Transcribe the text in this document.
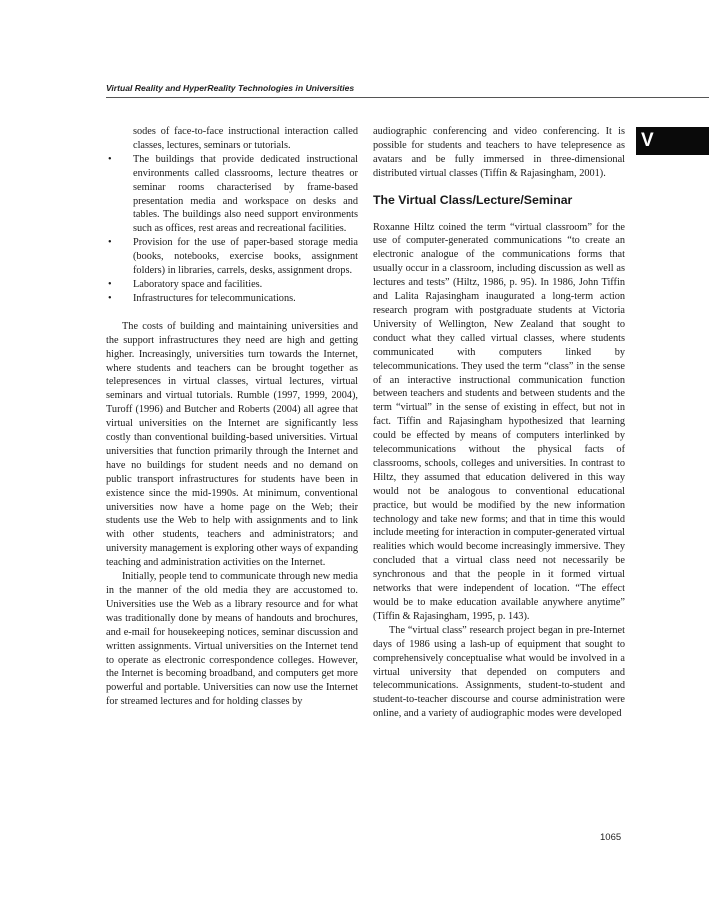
Virtual Reality and HyperReality Technologies in Universities
V

sodes of face-to-face instructional interaction called classes, lectures, seminars or tutorials.

• The buildings that provide dedicated instructional environments called classrooms, lecture theatres or seminar rooms characterised by frame-based presentation media and workspace on desks and tables. The buildings also need support environments such as offices, rest areas and recreational facilities.
• Provision for the use of paper-based storage media (books, notebooks, exercise books, assignment folders) in libraries, carrels, desks, assignment drops.
• Laboratory space and facilities.
• Infrastructures for telecommunications.

The costs of building and maintaining universities and the support infrastructures they need are high and getting higher. Increasingly, universities turn towards the Internet, where students and teachers can be brought together as telepresences in virtual classes, virtual lectures, virtual seminars and virtual tutorials. Rumble (1997, 1999, 2004), Turoff (1996) and Butcher and Roberts (2004) all agree that virtual universities on the Internet are significantly less costly than conventional building-based universities. Virtual universities that function primarily through the Internet and have no buildings for student needs and no demand on public transport infrastructures for students have been in existence since the mid-1990s. At minimum, conventional universities now have a home page on the Web; their students use the Web to help with assignments and to link with other students, teachers and administrators; and university management is exploring other ways of expanding teaching and administration activities on the Internet.

Initially, people tend to communicate through new media in the manner of the old media they are accustomed to. Universities use the Web as a library resource and for what was traditionally done by means of handouts and brochures, and e-mail for housekeeping notices, seminar discussion and written assignments. Virtual universities on the Internet tend to operate as electronic correspondence colleges. However, the Internet is becoming broadband, and computers get more powerful and portable. Universities can now use the Internet for streamed lectures and for holding classes by

audiographic conferencing and video conferencing. It is possible for students and teachers to have telepresence as avatars and be fully immersed in three-dimensional distributed virtual classes (Tiffin & Rajasingham, 2001).

The Virtual Class/Lecture/Seminar

Roxanne Hiltz coined the term “virtual classroom” for the use of computer-generated communications “to create an electronic analogue of the communications forms that usually occur in a classroom, including discussion as well as lectures and tests” (Hiltz, 1986, p. 95). In 1986, John Tiffin and Lalita Rajasingham inaugurated a long-term action research program with postgraduate students at Victoria University of Wellington, New Zealand that sought to conduct what they called virtual classes, where students communicated with computers linked by telecommunications. They used the term “class” in the sense of an interactive instructional communication function between teachers and students and between students and the term “virtual” in the sense of existing in effect, but not in fact. Tiffin and Rajasingham hypothesized that learning could be effected by means of computers interlinked by telecommunications without the physical facts of classrooms, schools, colleges and universities. In contrast to Hiltz, they assumed that education delivered in this way would not be analogous to conventional educational practice, but would be modified by the new information technology and take new forms; and that in time this would include meeting for interaction in computer-generated virtual realities which would become increasingly immersive. They concluded that a virtual class need not necessarily be synchronous and that the people in it formed virtual networks that were independent of location. “The effect would be to make education available anywhere anytime” (Tiffin & Rajasingham, 1995, p. 143).

The “virtual class” research project began in pre-Internet days of 1986 using a lash-up of equipment that sought to comprehensively conceptualise what would be involved in a virtual university that depended on computers and telecommunications. Assignments, student-to-student and student-to-teacher discourse and course administration were online, and a variety of audiographic modes were developed

1065
